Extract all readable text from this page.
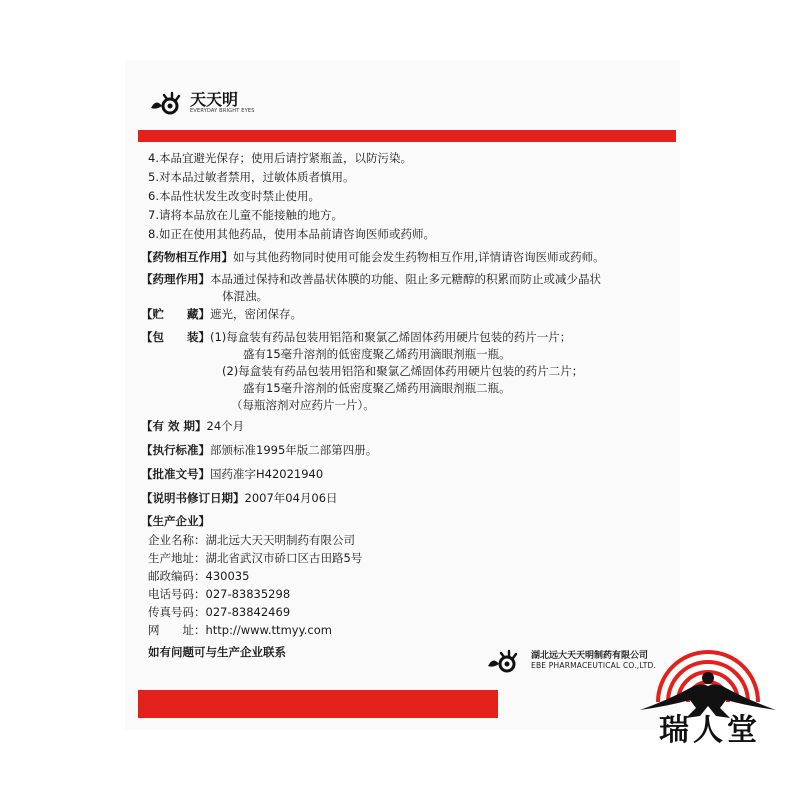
天天明
EVERYDAY BRIGHT EYES
4.本品宜避光保存；使用后请拧紧瓶盖，以防污染。
5.对本品过敏者禁用，过敏体质者慎用。
6.本品性状发生改变时禁止使用。
7.请将本品放在儿童不能接触的地方。
8.如正在使用其他药品，使用本品前请咨询医师或药师。
【药物相互作用】如与其他药物同时使用可能会发生药物相互作用,详情请咨询医师或药师。
【药理作用】本品通过保持和改善晶状体膜的功能、阻止多元糖醇的积累而防止或减少晶状
体混浊。
【贮　　藏】遮光，密闭保存。
【包　　装】(1)每盒装有药品包装用铝箔和聚氯乙烯固体药用硬片包装的药片一片；
盛有15毫升溶剂的低密度聚乙烯药用滴眼剂瓶一瓶。
(2)每盒装有药品包装用铝箔和聚氯乙烯固体药用硬片包装的药片二片；
盛有15毫升溶剂的低密度聚乙烯药用滴眼剂瓶二瓶。
（每瓶溶剂对应药片一片）。
【有 效 期】24个月
【执行标准】部颁标准1995年版二部第四册。
【批准文号】国药准字H42021940
【说明书修订日期】2007年04月06日
【生产企业】
企业名称：湖北远大天天明制药有限公司
生产地址：湖北省武汉市硚口区古田路5号
邮政编码：430035
电话号码：027-83835298
传真号码：027-83842469
网　　址：http://www.ttmyy.com
如有问题可与生产企业联系	湖北远大天天明制药有限公司
EBE PHARMACEUTICAL CO.,LTD.
瑞人堂
